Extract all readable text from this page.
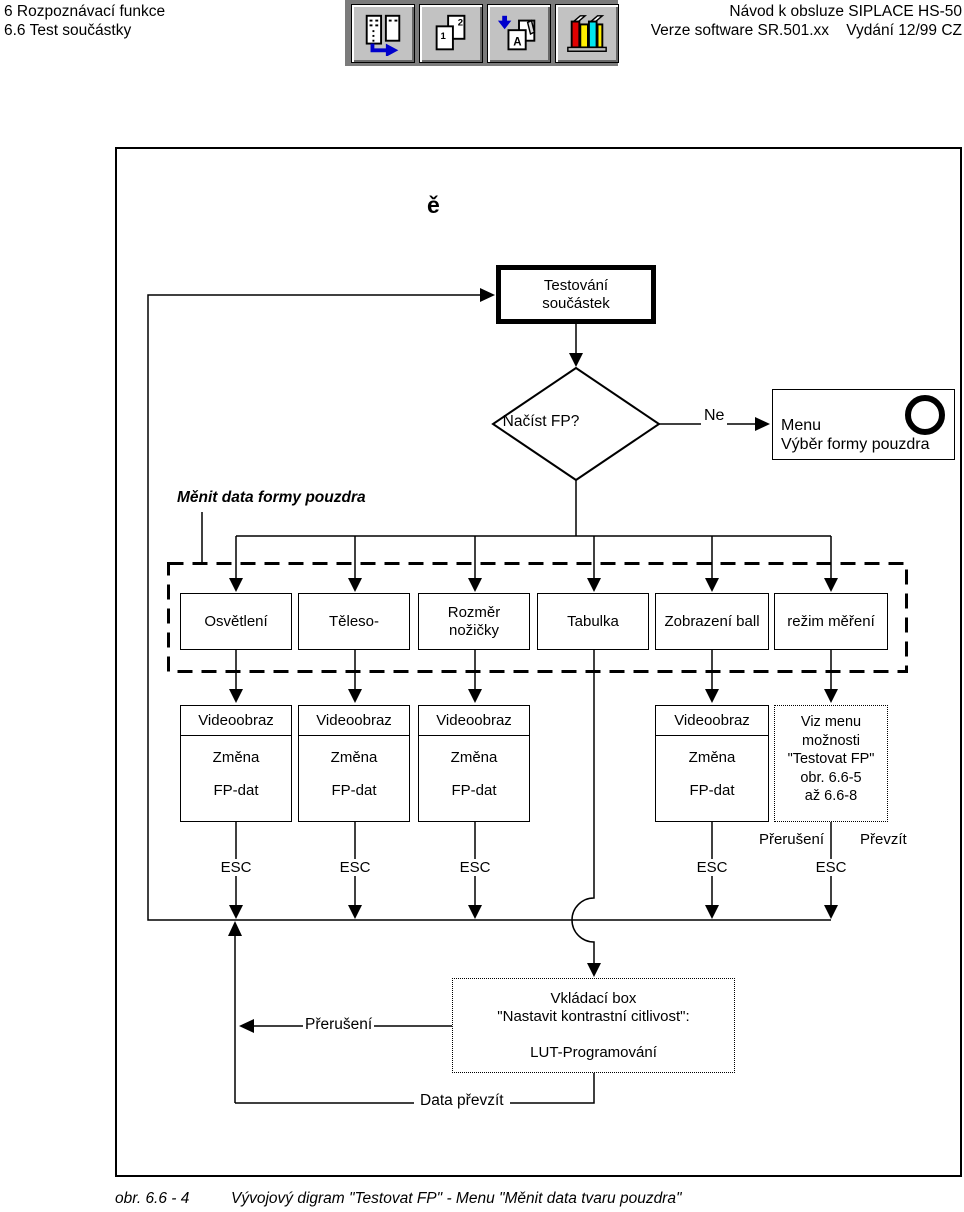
6 Rozpoznávací funkce
6.6 Test součástky
Návod k obsluze SIPLACE HS-50
Verze software SR.501.xx    Vydání 12/99 CZ
2
1
A
ě
Testování
součástek
Načíst FP?	Ne
Menu
Výběr formy pouzdra
Měnit data formy pouzdra
Osvětlení	Těleso-
Rozměr nožičky
Tabulka	Zobrazení ball	režim měření
Videoobraz
Změna
FP-dat
Videoobraz
Změna
FP-dat
Videoobraz
Změna
FP-dat
Videoobraz
Změna
FP-dat
Viz menu
možnosti
"Testovat FP"
obr. 6.6-5
až 6.6-8
Přerušení Převzít
ESC	ESC	ESC	ESC	ESC
Vkládací box
"Nastavit kontrastní citlivost":
LUT-Programování
Přerušení
Data převzít
obr. 6.6 - 4	Vývojový digram "Testovat FP" - Menu "Měnit data tvaru pouzdra"
